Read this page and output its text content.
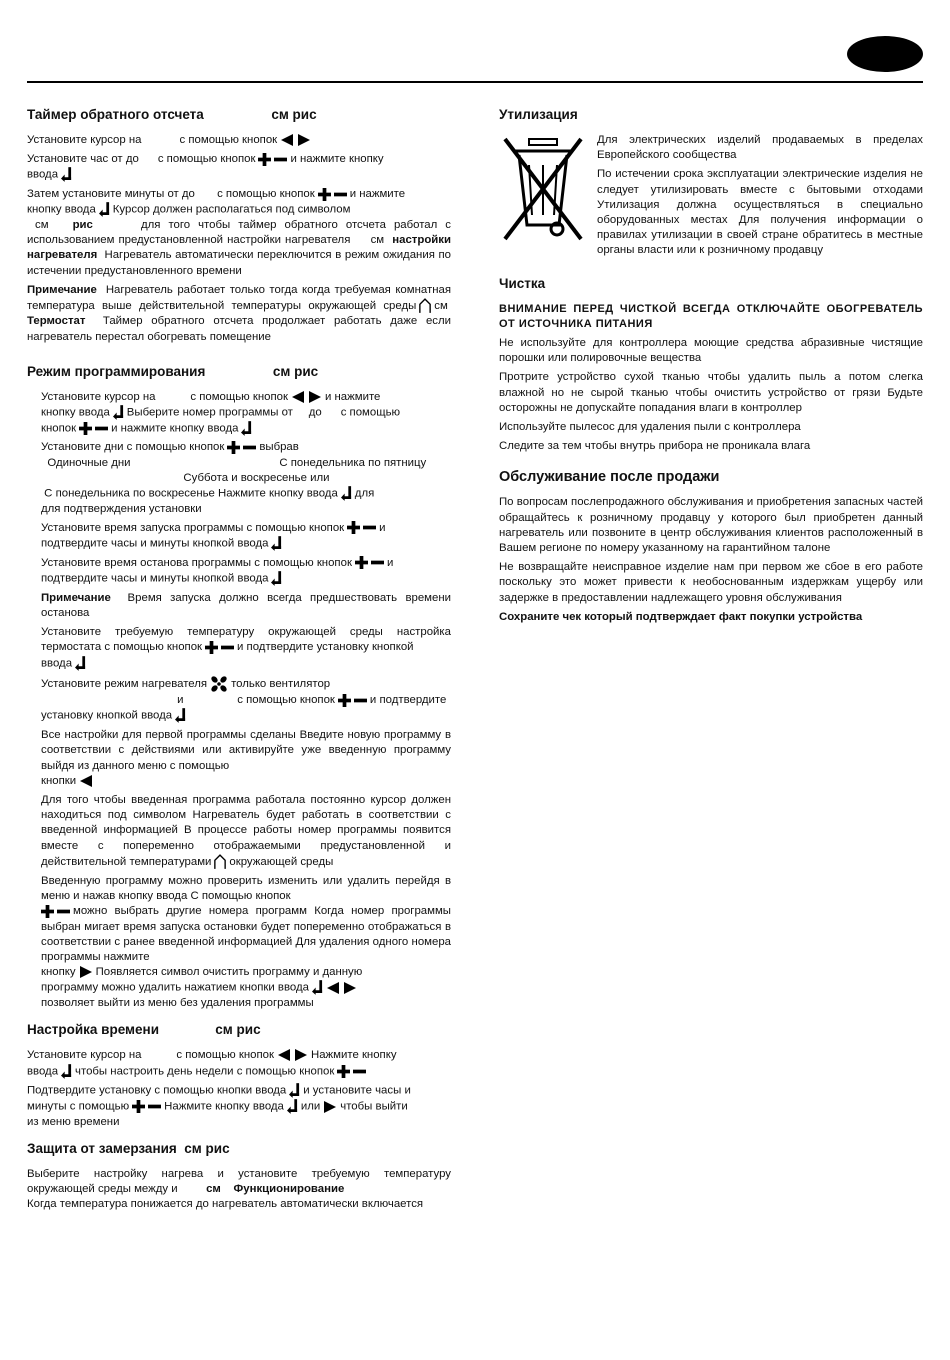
Таймер обратного отсчета	см рис

Установите курсор на	с помощью кнопок

Установите час от до с помощью кнопок	и нажмите кнопку
ввода

Затем установите минуты от до с помощью кнопок	и нажмите
кнопку ввода Курсор должен располагаться под символом
см рис	для того чтобы таймер обратного отсчета работал с использованием предустановленной настройки нагревателя см настройки нагревателя Нагреватель автоматически переключится в режим ожидания по истечении предустановленного времени

Примечание Нагреватель работает только тогда когда требуемая комнатная температура выше действительной температуры окружающей среды см  Термостат Таймер обратного отсчета продолжает работать даже если нагреватель перестал обогревать помещение

Режим программирования	см рис

Установите курсор на	с помощью кнопок	и нажмите
кнопку ввода Выберите номер программы от до с помощью
кнопок	и нажмите кнопку ввода

Установите дни с помощью кнопок	выбрав
Одиночные дни	С понедельника по пятницу
Суббота и воскресенье или
С понедельника по воскресенье Нажмите кнопку ввода для
для подтверждения установки

Установите время запуска программы с помощью кнопок	и
подтвердите часы и минуты кнопкой ввода

Установите время останова программы с помощью кнопок	и
подтвердите часы и минуты кнопкой ввода

Примечание Время запуска должно всегда предшествовать времени останова

Установите требуемую температуру окружающей среды настройка термостата с помощью кнопок	и подтвердите установку кнопкой
ввода

Установите режим нагревателя только вентилятор
и	с помощью кнопок	и подтвердите
установку кнопкой ввода

Все настройки для первой программы сделаны Введите новую программу в соответствии с действиями или активируйте уже введенную программу выйдя из данного меню с помощью
кнопки

Для того чтобы введенная программа работала постоянно курсор должен находиться под символом Нагреватель будет работать в соответствии с введенной информацией В процессе работы номер программы появится вместе с попеременно отображаемыми предустановленной и действительной температурами окружающей среды

Введенную программу можно проверить изменить или удалить перейдя в меню и нажав кнопку ввода С помощью кнопок

можно выбрать другие номера программ Когда номер программы выбран мигает время запуска остановки будет попеременно отображаться в соответствии с ранее введенной информацией Для удаления одного номера программы нажмите
кнопку Появляется символ очистить программу и данную
программу можно удалить нажатием кнопки ввода

позволяет выйти из меню без удаления программы

Настройка времени	см рис

Установите курсор на	с помощью кнопок	Нажмите кнопку
ввода чтобы настроить день недели с помощью кнопок

Подтвердите установку с помощью кнопки ввода и установите часы и
минуты с помощью	Нажмите кнопку ввода или чтобы выйти
из меню времени

Защита от замерзания см рис

Выберите настройку нагрева и установите требуемую температуру окружающей среды между и см Функционирование
Когда температура понижается до нагреватель автоматически включается

Утилизация

Для электрических изделий продаваемых в пределах Европейского сообщества

По истечении срока эксплуатации электрические изделия не следует утилизировать вместе с бытовыми отходами Утилизация должна осуществляться в специально оборудованных местах Для получения информации о правилах утилизации в своей стране обратитесь в местные органы власти или к розничному продавцу

Чистка

ВНИМАНИЕ ПЕРЕД ЧИСТКОЙ ВСЕГДА ОТКЛЮЧАЙТЕ ОБОГРЕВАТЕЛЬ ОТ ИСТОЧНИКА ПИТАНИЯ

Не используйте для контроллера моющие средства абразивные чистящие порошки или полировочные вещества

Протрите устройство сухой тканью чтобы удалить пыль а потом слегка влажной но не сырой тканью чтобы очистить устройство от грязи Будьте осторожны не допускайте попадания влаги в контроллер

Используйте пылесос для удаления пыли с контроллера

Следите за тем чтобы внутрь прибора не проникала влага

Обслуживание после продажи

По вопросам послепродажного обслуживания и приобретения запасных частей обращайтесь к розничному продавцу у которого был приобретен данный нагреватель или позвоните в центр обслуживания клиентов расположенный в Вашем регионе по номеру указанному на гарантийном талоне

Не возвращайте неисправное изделие нам при первом же сбое в его работе поскольку это может привести к необоснованным издержкам ущербу или задержке в предоставлении надлежащего уровня обслуживания

Сохраните чек который подтверждает факт покупки устройства
